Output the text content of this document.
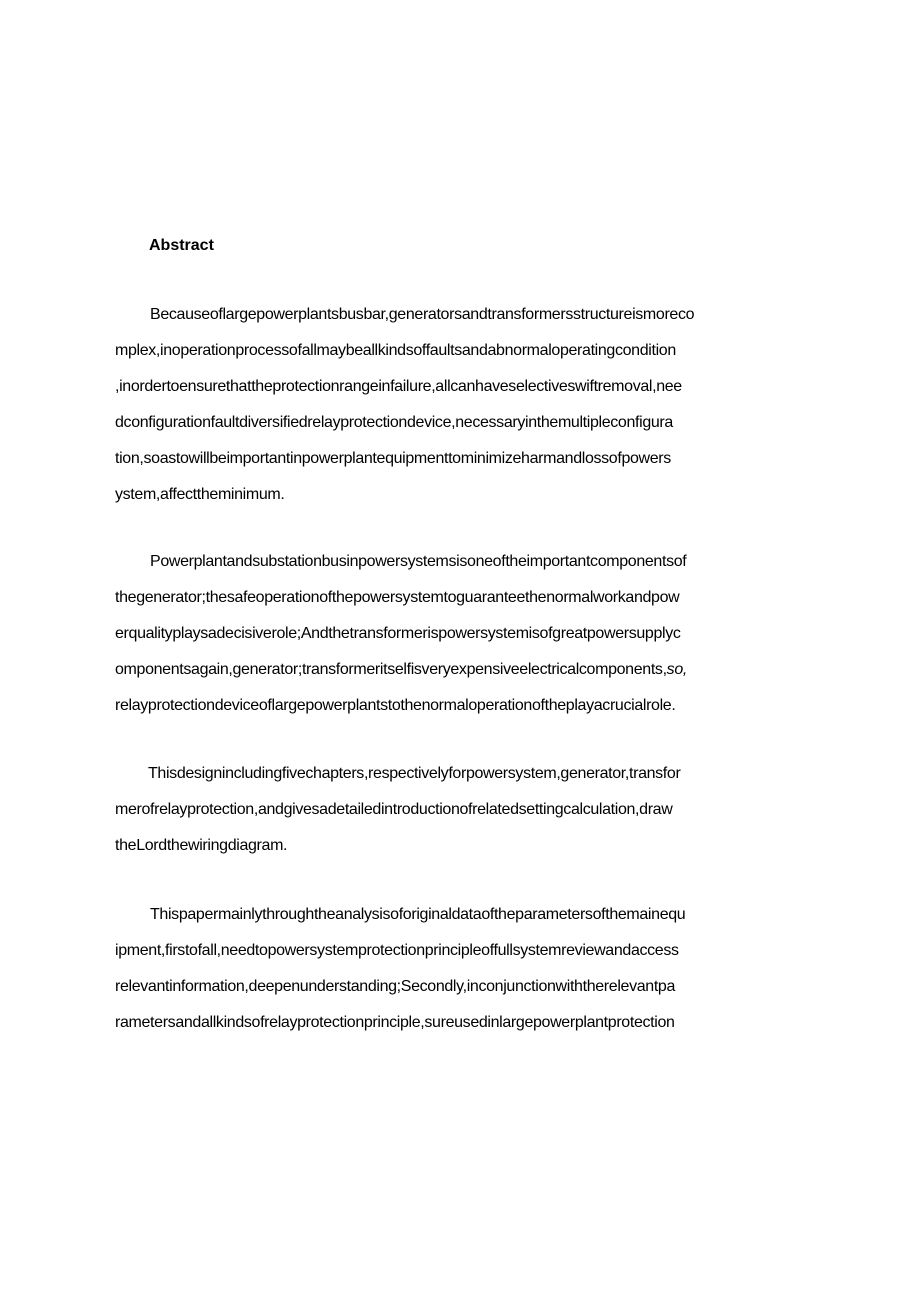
Abstract
Becauseoflargepowerplantsbusbar,generatorsandtransformersstructureismoreco
mplex,inoperationprocessofallmaybeallkindsoffaultsandabnormaloperatingcondition
,inordertoensurethattheprotectionrangeinfailure,allcanhaveselectiveswiftremoval,nee
dconfigurationfaultdiversifiedrelayprotectiondevice,necessaryinthemultipleconfigura
tion,soastowillbeimportantinpowerplantequipmenttominimizeharmandlossofpowers
ystem,affecttheminimum.
Powerplantandsubstationbusinpowersystemsisoneoftheimportantcomponentsof
thegenerator;thesafeoperationofthepowersystemtoguaranteethenormalworkandpow
erqualityplaysadecisiverole;Andthetransformerispowersystemisofgreatpowersupplyc
omponentsagain,generator;transformeritselfisveryexpensiveelectricalcomponents,so,
relayprotectiondeviceoflargepowerplantstothenormaloperationoftheplayacrucialrole.
Thisdesignincludingfivechapters,respectivelyforpowersystem,generator,transfor
merofrelayprotection,andgivesadetailedintroductionofrelatedsettingcalculation,draw
theLordthewiringdiagram.
Thispapermainlythroughtheanalysisoforiginaldataoftheparametersofthemainequ
ipment,firstofall,needtopowersystemprotectionprincipleoffullsystemreviewandaccess
relevantinformation,deepenunderstanding;Secondly,inconjunctionwiththerelevantpa
rametersandallkindsofrelayprotectionprinciple,sureusedinlargepowerplantprotection
